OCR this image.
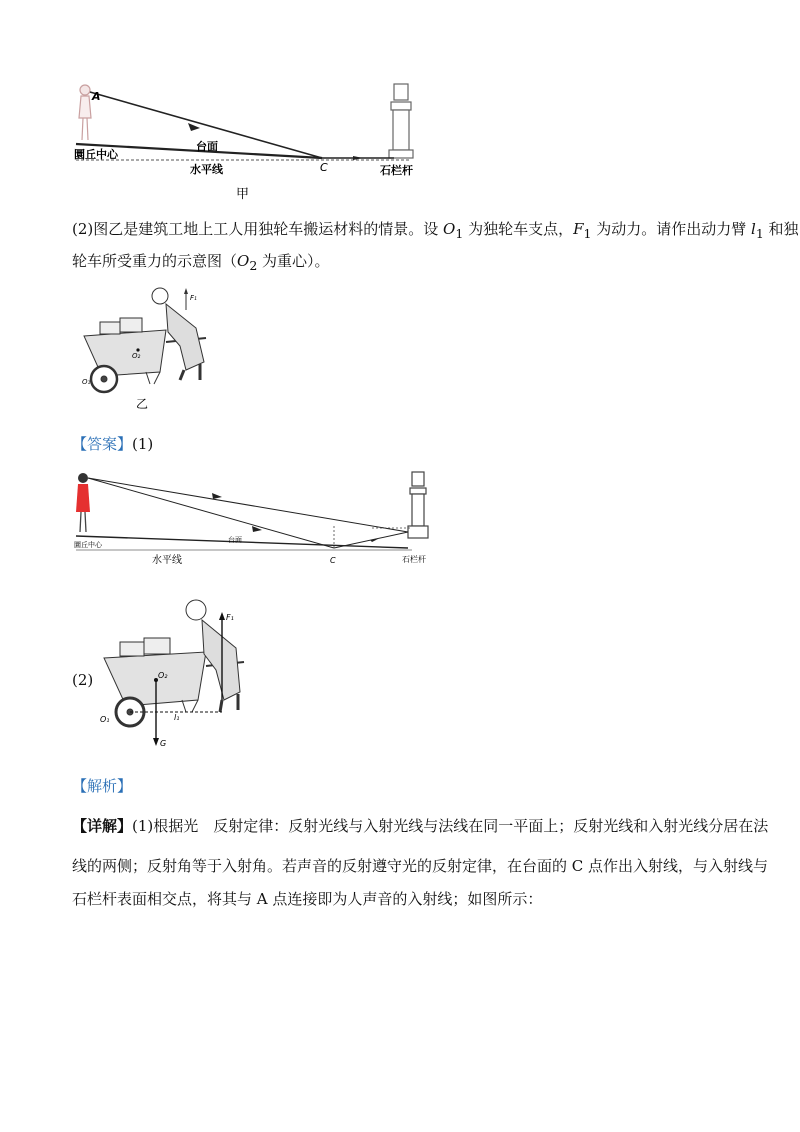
A
台面
圜丘中心
水平线	C	石栏杆
甲
(2)图乙是建筑工地上工人用独轮车搬运材料的情景。设 $O_1$ 为独轮车支点，$F_1$ 为动力。请作出动力臂 $l_1$ 和独
轮车所受重力的示意图（$O_2$ 为重心）。
F₁
O₂
O₁
乙
【答案】(1)
圜丘中心
台面
水平线	C	石栏杆
(2)
F₁
O₂
O₁	l₁
G
【解析】
【详解】(1)根据光　反射定律：反射光线与入射光线与法线在同一平面上；反射光线和入射光线分居在法
线的两侧；反射角等于入射角。若声音的反射遵守光的反射定律，在台面的 C 点作出入射线，与入射线与
石栏杆表面相交点，将其与 A 点连接即为人声音的入射线；如图所示：
